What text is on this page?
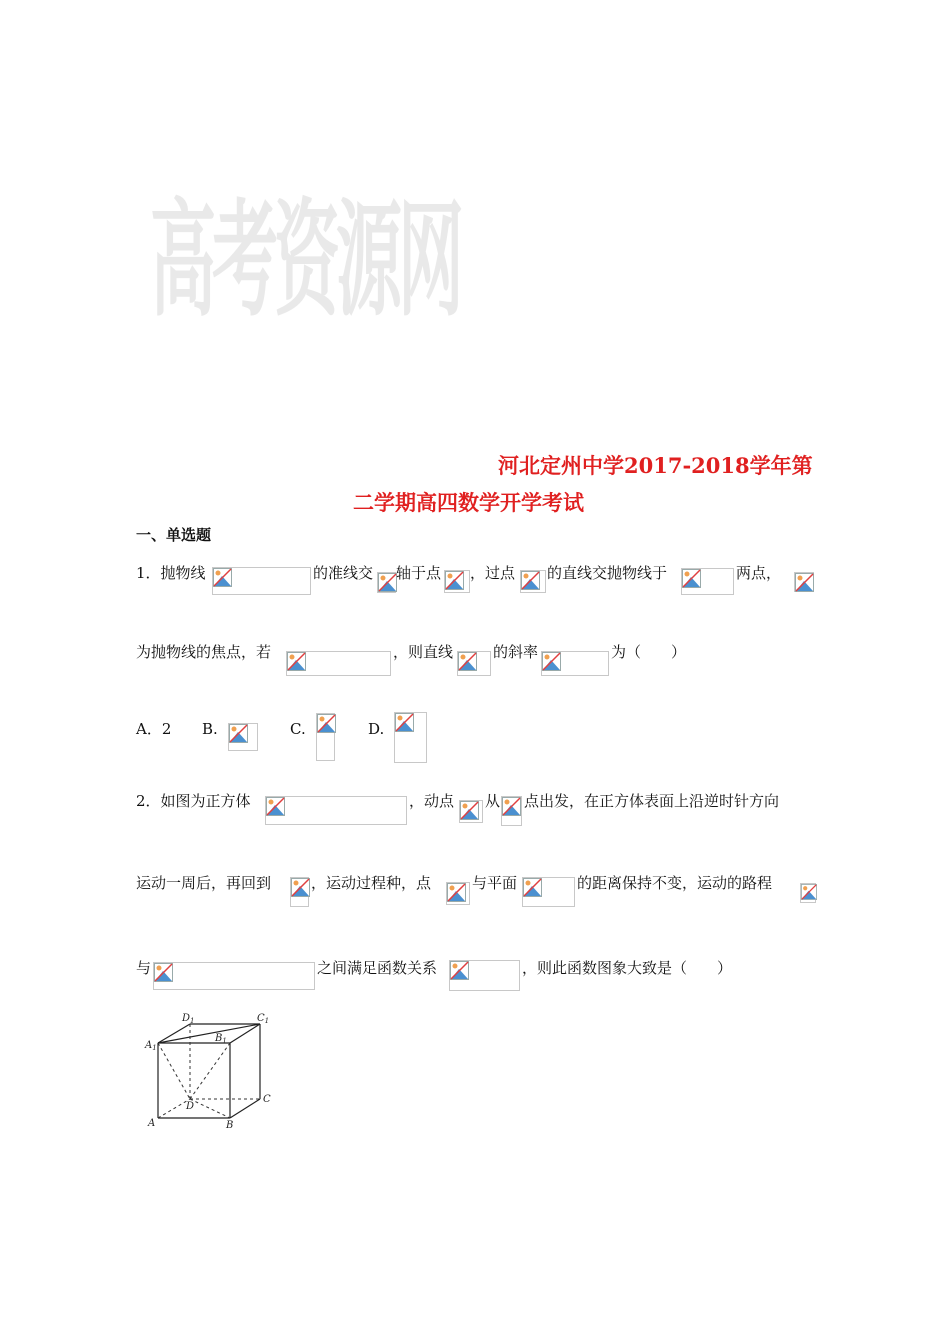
高考资源网
河北定州中学2017-2018学年第
二学期高四数学开学考试
一、单选题
1．抛物线	的准线交 轴于点 ，过点 的直线交抛物线于	两点，
为抛物线的焦点，若	，则直线	的斜率	为（　　）
A．2 B.	C.	D.
2．如图为正方体	，动点 从 点出发，在正方体表面上沿逆时针方向
运动一周后，再回到	，运动过程种，点	与平面	的距离保持不变，运动的路程
与	之间满足函数关系	，则此函数图象大致是（　　）
$D_1$	$C_1$
$A_1$
$B_1$
D
C
A	B
